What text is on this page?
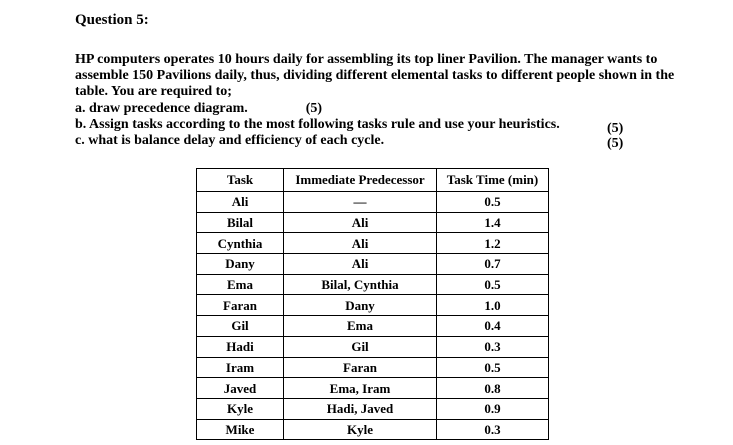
Question 5:
HP computers operates 10 hours daily for assembling its top liner Pavilion. The manager wants to
assemble 150 Pavilions daily, thus, dividing different elemental tasks to different people shown in the
table. You are required to;
a. draw precedence diagram.	(5)
b. Assign tasks according to the most following tasks rule and use your heuristics.
c. what is balance delay and efficiency of each cycle.
(5)
(5)
Task	Immediate Predecessor	Task Time (min)
Ali	—	0.5
Bilal	Ali	1.4
Cynthia	Ali	1.2
Dany	Ali	0.7
Ema	Bilal, Cynthia	0.5
Faran	Dany	1.0
Gil	Ema	0.4
Hadi	Gil	0.3
Iram	Faran	0.5
Javed	Ema, Iram	0.8
Kyle	Hadi, Javed	0.9
Mike	Kyle	0.3
